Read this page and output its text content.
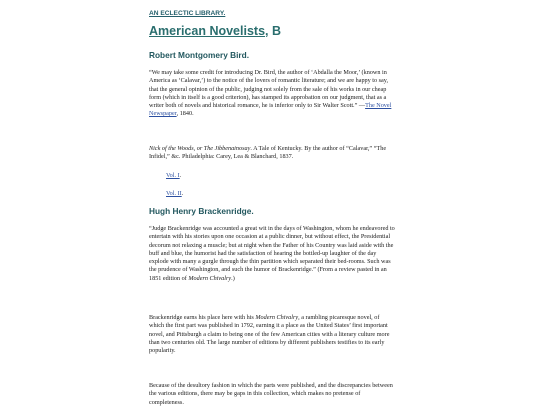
AN ECLECTIC LIBRARY.
American Novelists, B
Robert Montgomery Bird.

“We may take some credit for introducing Dr. Bird, the author of ‘Abdalla the Moor,’ (known in America as ‘Calavar,’) to the notice of the lovers of romantic literature; and we are happy to say, that the general opinion of the public, judging not solely from the sale of his works in our cheap form (which in itself is a good criterion), has stamped its approbation on our judgment, that as a writer both of novels and historical romance, he is inferior only to Sir Walter Scott.” —The Novel Newspaper, 1840.

Nick of the Woods, or The Jibbenainosay. A Tale of Kentucky. By the author of “Calavar,” “The Infidel,” &c. Philadelphia: Carey, Lea & Blanchard, 1837.

Vol. I.

Vol. II.

Hugh Henry Brackenridge.

“Judge Brackenridge was accounted a great wit in the days of Washington, whom he endeavored to entertain with his stories upon one occasion at a public dinner, but without effect, the Presidential decorum not relaxing a muscle; but at night when the Father of his Country was laid aside with the buff and blue, the humorist had the satisfaction of hearing the bottled-up laughter of the day explode with many a gurgle through the thin partition which separated their bed-rooms. Such was the prudence of Washington, and such the humor of Brackenridge.” (From a review pasted in an 1851 edition of Modern Chivalry.)

Brackenridge earns his place here with his Modern Chivalry, a rambling picaresque novel, of which the first part was published in 1792, earning it a place as the United States’ first important novel, and Pittsburgh a claim to being one of the few American cities with a literary culture more than two centuries old. The large number of editions by different publishers testifies to its early popularity.

Because of the desultory fashion in which the parts were published, and the discrepancies between the various editions, there may be gaps in this collection, which makes no pretense of completeness.
